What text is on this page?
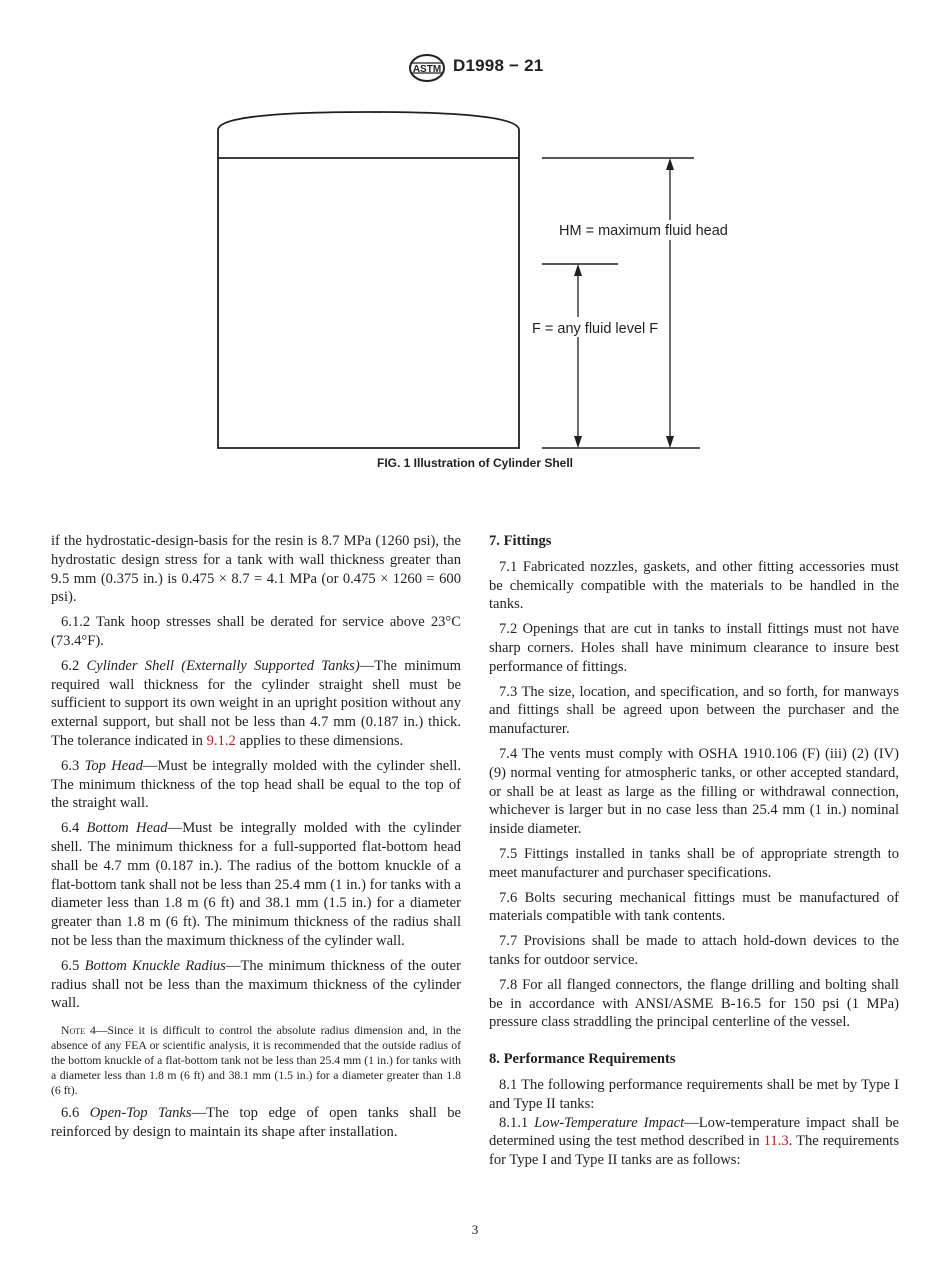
ASTM D1998 − 21
HM = maximum fluid head
F = any fluid level F
FIG. 1 Illustration of Cylinder Shell

if the hydrostatic-design-basis for the resin is 8.7 MPa (1260 psi), the hydrostatic design stress for a tank with wall thickness greater than 9.5 mm (0.375 in.) is 0.475 × 8.7 = 4.1 MPa (or 0.475 × 1260 = 600 psi).

6.1.2 Tank hoop stresses shall be derated for service above 23°C (73.4°F).

6.2 Cylinder Shell (Externally Supported Tanks)—The minimum required wall thickness for the cylinder straight shell must be sufficient to support its own weight in an upright position without any external support, but shall not be less than 4.7 mm (0.187 in.) thick. The tolerance indicated in 9.1.2 applies to these dimensions.

6.3 Top Head—Must be integrally molded with the cylinder shell. The minimum thickness of the top head shall be equal to the top of the straight wall.

6.4 Bottom Head—Must be integrally molded with the cylinder shell. The minimum thickness for a full-supported flat-bottom head shall be 4.7 mm (0.187 in.). The radius of the bottom knuckle of a flat-bottom tank shall not be less than 25.4 mm (1 in.) for tanks with a diameter less than 1.8 m (6 ft) and 38.1 mm (1.5 in.) for a diameter greater than 1.8 m (6 ft). The minimum thickness of the radius shall not be less than the maximum thickness of the cylinder wall.

6.5 Bottom Knuckle Radius—The minimum thickness of the outer radius shall not be less than the maximum thickness of the cylinder wall.

Note 4—Since it is difficult to control the absolute radius dimension and, in the absence of any FEA or scientific analysis, it is recommended that the outside radius of the bottom knuckle of a flat-bottom tank not be less than 25.4 mm (1 in.) for tanks with a diameter less than 1.8 m (6 ft) and 38.1 mm (1.5 in.) for a diameter greater than 1.8 (6 ft).

6.6 Open-Top Tanks—The top edge of open tanks shall be reinforced by design to maintain its shape after installation.

7. Fittings

7.1 Fabricated nozzles, gaskets, and other fitting accessories must be chemically compatible with the materials to be handled in the tanks.

7.2 Openings that are cut in tanks to install fittings must not have sharp corners. Holes shall have minimum clearance to insure best performance of fittings.

7.3 The size, location, and specification, and so forth, for manways and fittings shall be agreed upon between the purchaser and the manufacturer.

7.4 The vents must comply with OSHA 1910.106 (F) (iii) (2) (IV) (9) normal venting for atmospheric tanks, or other accepted standard, or shall be at least as large as the filling or withdrawal connection, whichever is larger but in no case less than 25.4 mm (1 in.) nominal inside diameter.

7.5 Fittings installed in tanks shall be of appropriate strength to meet manufacturer and purchaser specifications.

7.6 Bolts securing mechanical fittings must be manufactured of materials compatible with tank contents.

7.7 Provisions shall be made to attach hold-down devices to the tanks for outdoor service.

7.8 For all flanged connectors, the flange drilling and bolting shall be in accordance with ANSI/ASME B-16.5 for 150 psi (1 MPa) pressure class straddling the principal centerline of the vessel.

8. Performance Requirements

8.1 The following performance requirements shall be met by Type I and Type II tanks:

8.1.1 Low-Temperature Impact—Low-temperature impact shall be determined using the test method described in 11.3. The requirements for Type I and Type II tanks are as follows:

3
